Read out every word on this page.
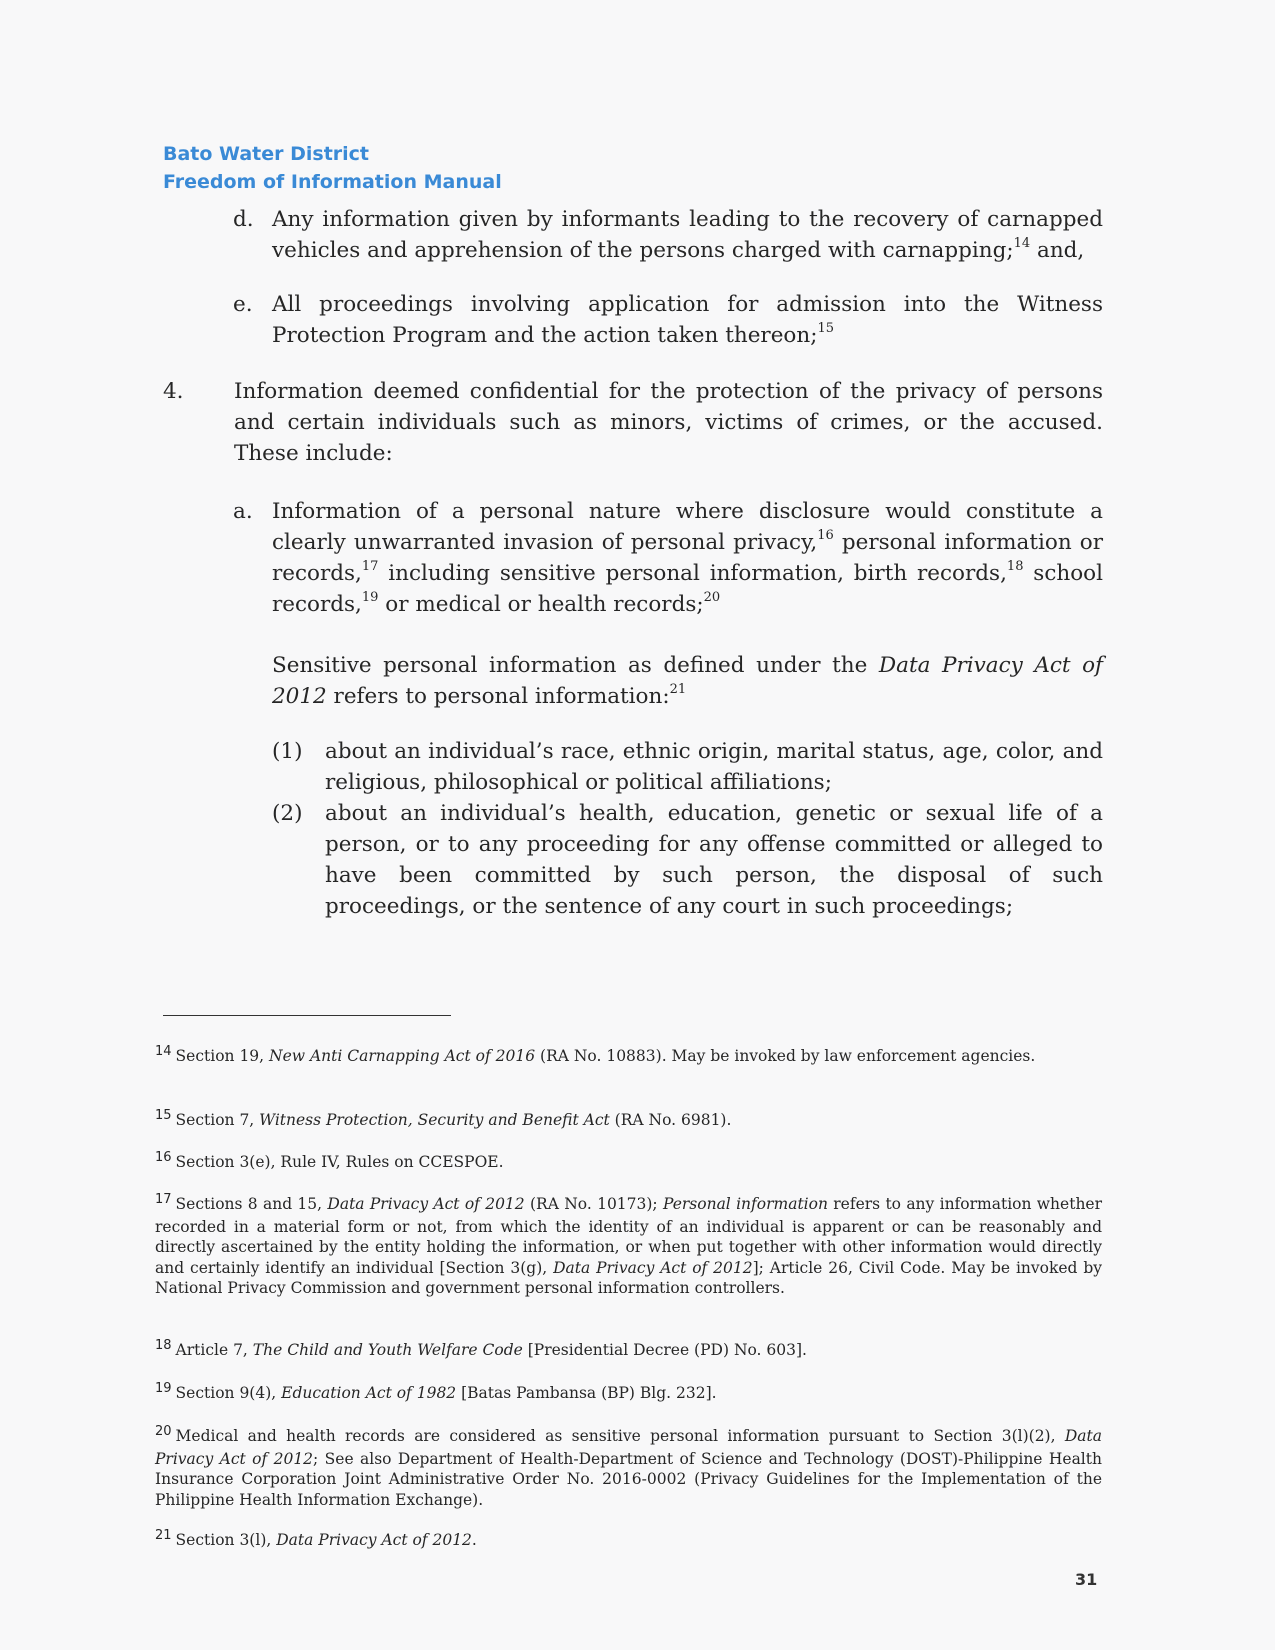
Bato Water District
Freedom of Information Manual
d. Any information given by informants leading to the recovery of carnapped vehicles and apprehension of the persons charged with carnapping;$^{14}$ and,
e. All proceedings involving application for admission into the Witness Protection Program and the action taken thereon;$^{15}$
4. Information deemed confidential for the protection of the privacy of persons and certain individuals such as minors, victims of crimes, or the accused. These include:
a. Information of a personal nature where disclosure would constitute a clearly unwarranted invasion of personal privacy,$^{16}$ personal information or records,$^{17}$ including sensitive personal information, birth records,$^{18}$ school records,$^{19}$ or medical or health records;$^{20}$
Sensitive personal information as defined under the Data Privacy Act of 2012 refers to personal information:$^{21}$
(1) about an individual’s race, ethnic origin, marital status, age, color, and religious, philosophical or political affiliations;
(2) about an individual’s health, education, genetic or sexual life of a person, or to any proceeding for any offense committed or alleged to have been committed by such person, the disposal of such proceedings, or the sentence of any court in such proceedings;
$^{14}$ Section 19, New Anti Carnapping Act of 2016 (RA No. 10883). May be invoked by law enforcement agencies.
$^{15}$ Section 7, Witness Protection, Security and Benefit Act (RA No. 6981).
$^{16}$ Section 3(e), Rule IV, Rules on CCESPOE.
$^{17}$ Sections 8 and 15, Data Privacy Act of 2012 (RA No. 10173); Personal information refers to any information whether recorded in a material form or not, from which the identity of an individual is apparent or can be reasonably and directly ascertained by the entity holding the information, or when put together with other information would directly and certainly identify an individual [Section 3(g), Data Privacy Act of 2012]; Article 26, Civil Code. May be invoked by National Privacy Commission and government personal information controllers.
$^{18}$ Article 7, The Child and Youth Welfare Code [Presidential Decree (PD) No. 603].
$^{19}$ Section 9(4), Education Act of 1982 [Batas Pambansa (BP) Blg. 232].
$^{20}$ Medical and health records are considered as sensitive personal information pursuant to Section 3(l)(2), Data Privacy Act of 2012; See also Department of Health-Department of Science and Technology (DOST)-Philippine Health Insurance Corporation Joint Administrative Order No. 2016-0002 (Privacy Guidelines for the Implementation of the Philippine Health Information Exchange).
$^{21}$ Section 3(l), Data Privacy Act of 2012.
31
